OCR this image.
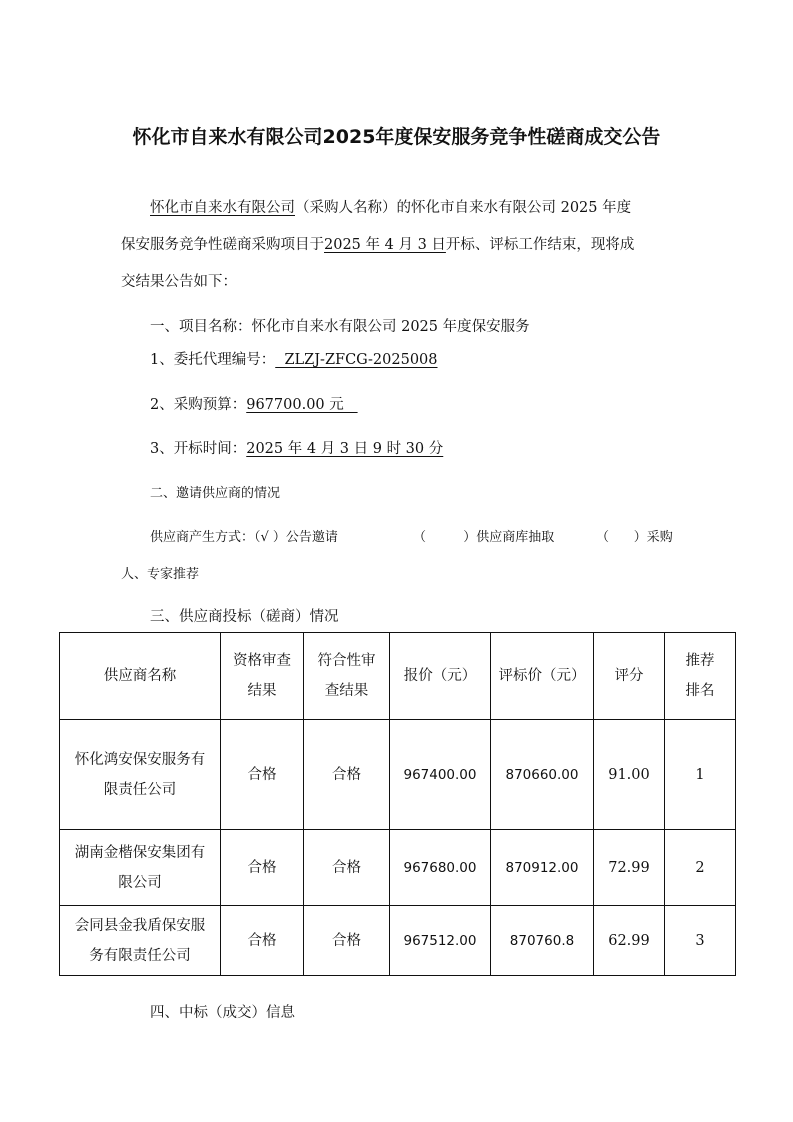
怀化市自来水有限公司2025年度保安服务竞争性磋商成交公告
怀化市自来水有限公司（采购人名称）的怀化市自来水有限公司 2025 年度
保安服务竞争性磋商采购项目于2025 年 4 月 3 日开标、评标工作结束，现将成
交结果公告如下：
一、项目名称：怀化市自来水有限公司 2025 年度保安服务
1、委托代理编号：  ZLZJ-ZFCG-2025008
2、采购预算：967700.00 元
3、开标时间：2025 年 4 月 3 日 9 时 30 分
二、邀请供应商的情况
供应商产生方式：（√ ）公告邀请	（         ）供应商库抽取	（      ）采购
人、专家推荐
三、供应商投标（磋商）情况
供应商名称	资格审查结果	符合性审查结果	报价（元）	评标价（元）	评分	推荐排名
怀化鸿安保安服务有限责任公司	合格	合格	967400.00	870660.00	91.00	1
湖南金楷保安集团有限公司	合格	合格	967680.00	870912.00	72.99	2
会同县金我盾保安服务有限责任公司	合格	合格	967512.00	870760.8	62.99	3
四、中标（成交）信息
